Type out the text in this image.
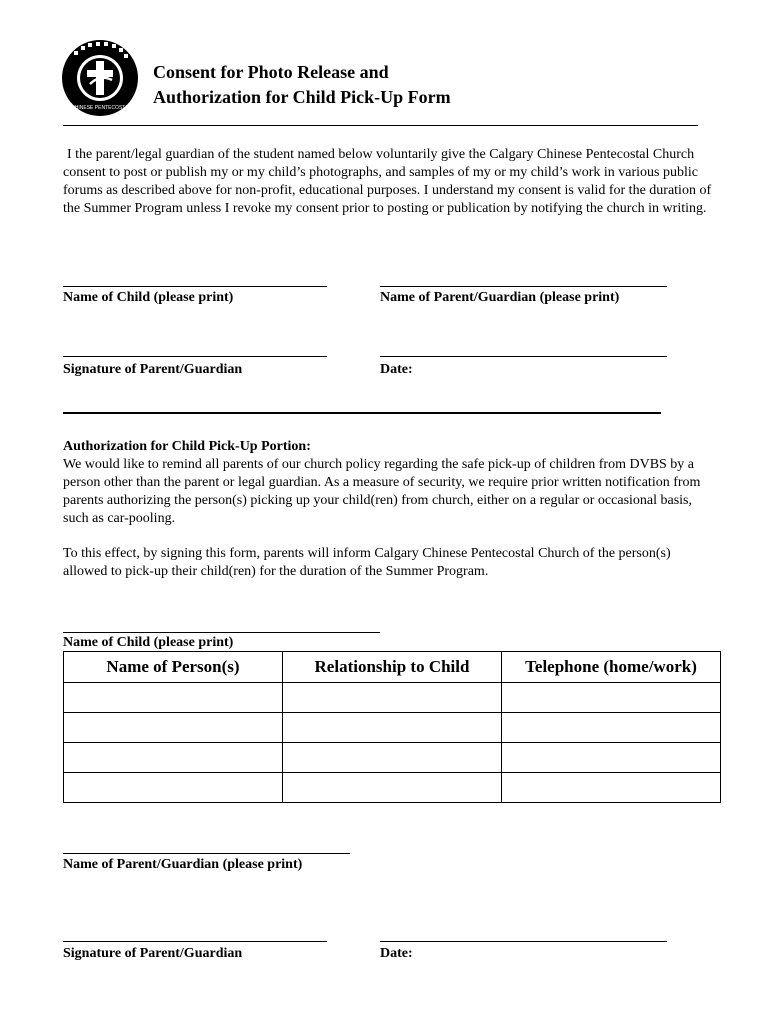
CALGARY CHINESE PENTECOSTAL CHURCH
Consent for Photo Release and
Authorization for Child Pick-Up Form
I the parent/legal guardian of the student named below voluntarily give the Calgary Chinese Pentecostal Church consent to post or publish my or my child’s photographs, and samples of my or my child’s work in various public forums as described above for non-profit, educational purposes. I understand my consent is valid for the duration of the Summer Program unless I revoke my consent prior to posting or publication by notifying the church in writing.
Name of Child (please print)	Name of Parent/Guardian (please print)
Signature of Parent/Guardian	Date:
Authorization for Child Pick-Up Portion:
We would like to remind all parents of our church policy regarding the safe pick-up of children from DVBS by a person other than the parent or legal guardian. As a measure of security, we require prior written notification from parents authorizing the person(s) picking up your child(ren) from church, either on a regular or occasional basis, such as car-pooling.
To this effect, by signing this form, parents will inform Calgary Chinese Pentecostal Church of the person(s) allowed to pick-up their child(ren) for the duration of the Summer Program.
Name of Child (please print)
Name of Person(s)	Relationship to Child	Telephone (home/work)

Name of Parent/Guardian (please print)
Signature of Parent/Guardian	Date:
